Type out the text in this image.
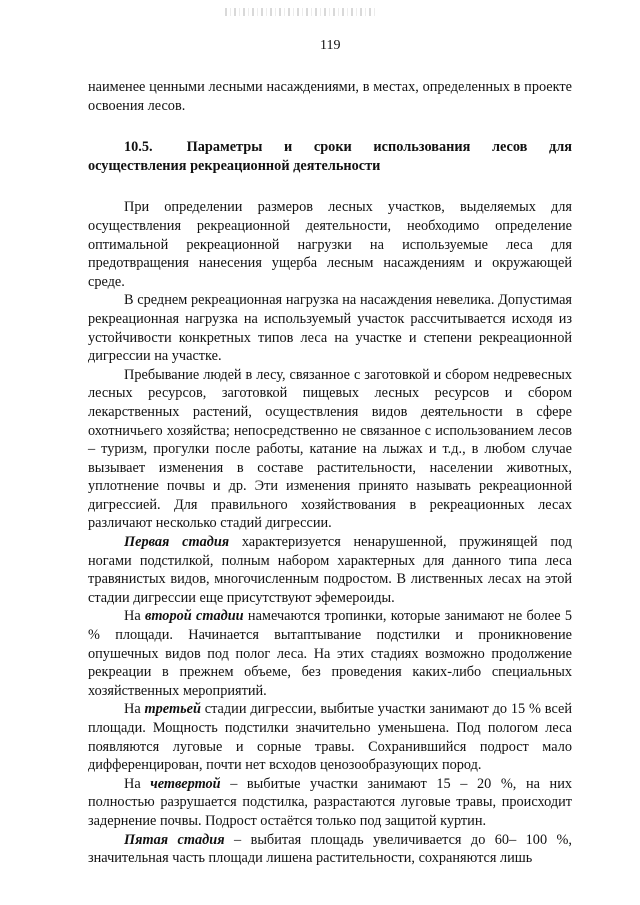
119

наименее ценными лесными насаждениями, в местах, определенных в проекте освоения лесов.

10.5. Параметры и сроки использования лесов для осуществления рекреационной деятельности

При определении размеров лесных участков, выделяемых для осуществления рекреационной деятельности, необходимо определение оптимальной рекреационной нагрузки на используемые леса для предотвращения нанесения ущерба лесным насаждениям и окружающей среде.

В среднем рекреационная нагрузка на насаждения невелика. Допустимая рекреационная нагрузка на используемый участок рассчитывается исходя из устойчивости конкретных типов леса на участке и степени рекреационной дигрессии на участке.

Пребывание людей в лесу, связанное с заготовкой и сбором недревесных лесных ресурсов, заготовкой пищевых лесных ресурсов и сбором лекарственных растений, осуществления видов деятельности в сфере охотничьего хозяйства; непосредственно не связанное с использованием лесов – туризм, прогулки после работы, катание на лыжах и т.д., в любом случае вызывает изменения в составе растительности, населении животных, уплотнение почвы и др. Эти изменения принято называть рекреационной дигрессией. Для правильного хозяйствования в рекреационных лесах различают несколько стадий дигрессии.

Первая стадия характеризуется ненарушенной, пружинящей под ногами подстилкой, полным набором характерных для данного типа леса травянистых видов, многочисленным подростом. В лиственных лесах на этой стадии дигрессии еще присутствуют эфемероиды.

На второй стадии намечаются тропинки, которые занимают не более 5 % площади. Начинается вытаптывание подстилки и проникновение опушечных видов под полог леса. На этих стадиях возможно продолжение рекреации в прежнем объеме, без проведения каких-либо специальных хозяйственных мероприятий.

На третьей стадии дигрессии, выбитые участки занимают до 15 % всей площади. Мощность подстилки значительно уменьшена. Под пологом леса появляются луговые и сорные травы. Сохранившийся подрост мало дифференцирован, почти нет всходов ценозообразующих пород.

На четвертой – выбитые участки занимают 15 – 20 %, на них полностью разрушается подстилка, разрастаются луговые травы, происходит задернение почвы. Подрост остаётся только под защитой куртин.

Пятая стадия – выбитая площадь увеличивается до 60– 100 %, значительная часть площади лишена растительности, сохраняются лишь
